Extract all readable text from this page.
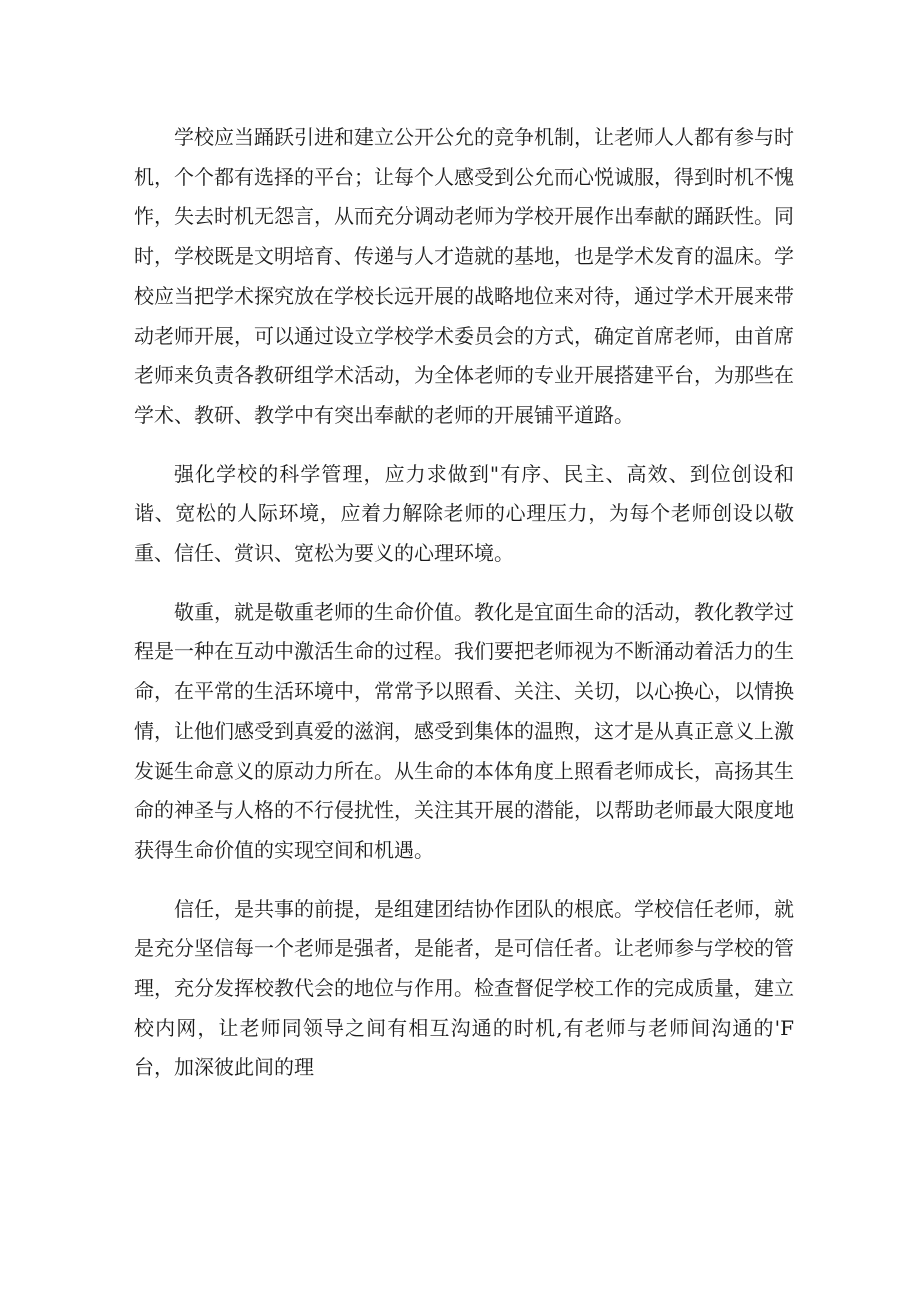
学校应当踊跃引进和建立公开公允的竞争机制，让老师人人都有参与时机，个个都有选择的平台；让每个人感受到公允而心悦诚服，得到时机不愧怍，失去时机无怨言，从而充分调动老师为学校开展作出奉献的踊跃性。同时，学校既是文明培育、传递与人才造就的基地，也是学术发育的温床。学校应当把学术探究放在学校长远开展的战略地位来对待，通过学术开展来带动老师开展，可以通过设立学校学术委员会的方式，确定首席老师，由首席老师来负责各教研组学术活动，为全体老师的专业开展搭建平台，为那些在学术、教研、教学中有突出奉献的老师的开展铺平道路。

强化学校的科学管理，应力求做到"有序、民主、高效、到位创设和谐、宽松的人际环境，应着力解除老师的心理压力，为每个老师创设以敬重、信任、赏识、宽松为要义的心理环境。

敬重，就是敬重老师的生命价值。教化是宜面生命的活动，教化教学过程是一种在互动中激活生命的过程。我们要把老师视为不断涌动着活力的生命，在平常的生活环境中，常常予以照看、关注、关切，以心换心，以情换情，让他们感受到真爱的滋润，感受到集体的温煦，这才是从真正意义上激发诞生命意义的原动力所在。从生命的本体角度上照看老师成长，高扬其生命的神圣与人格的不行侵扰性，关注其开展的潜能，以帮助老师最大限度地获得生命价值的实现空间和机遇。

信任，是共事的前提，是组建团结协作团队的根底。学校信任老师，就是充分坚信每一个老师是强者，是能者，是可信任者。让老师参与学校的管理，充分发挥校教代会的地位与作用。检查督促学校工作的完成质量，建立校内网，让老师同领导之间有相互沟通的时机,有老师与老师间沟通的'F台，加深彼此间的理
